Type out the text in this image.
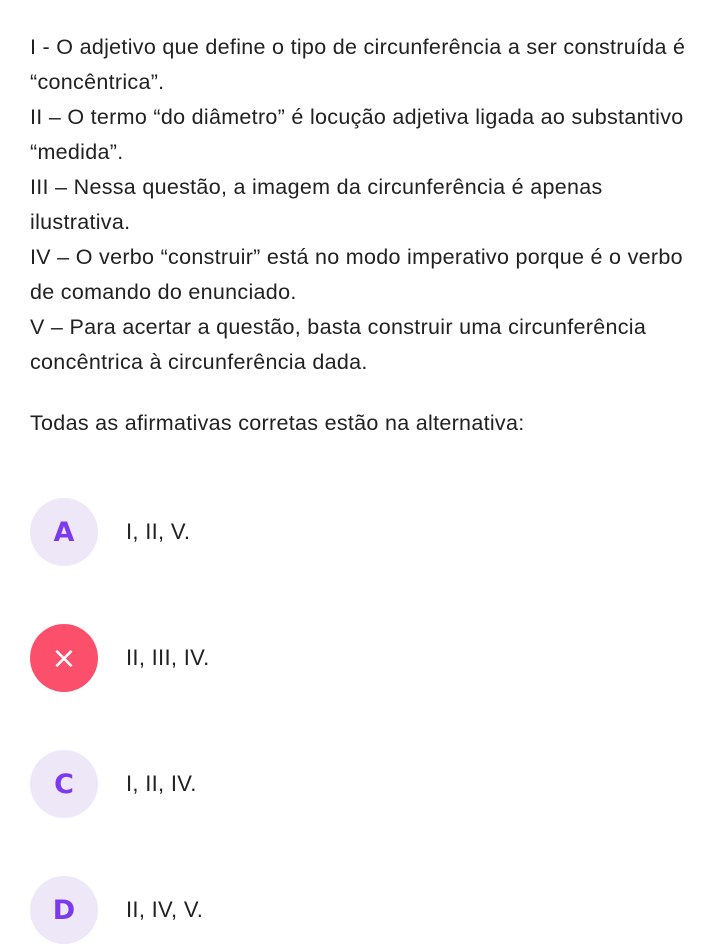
I - O adjetivo que define o tipo de circunferência a ser construída é “concêntrica”.

II – O termo “do diâmetro” é locução adjetiva ligada ao substantivo “medida”.

III – Nessa questão, a imagem da circunferência é apenas ilustrativa.

IV – O verbo “construir” está no modo imperativo porque é o verbo de comando do enunciado.

V – Para acertar a questão, basta construir uma circunferência concêntrica à circunferência dada.

Todas as afirmativas corretas estão na alternativa:

A	I, II, V.
×	II, III, IV.
C	I, II, IV.
D	II, IV, V.
